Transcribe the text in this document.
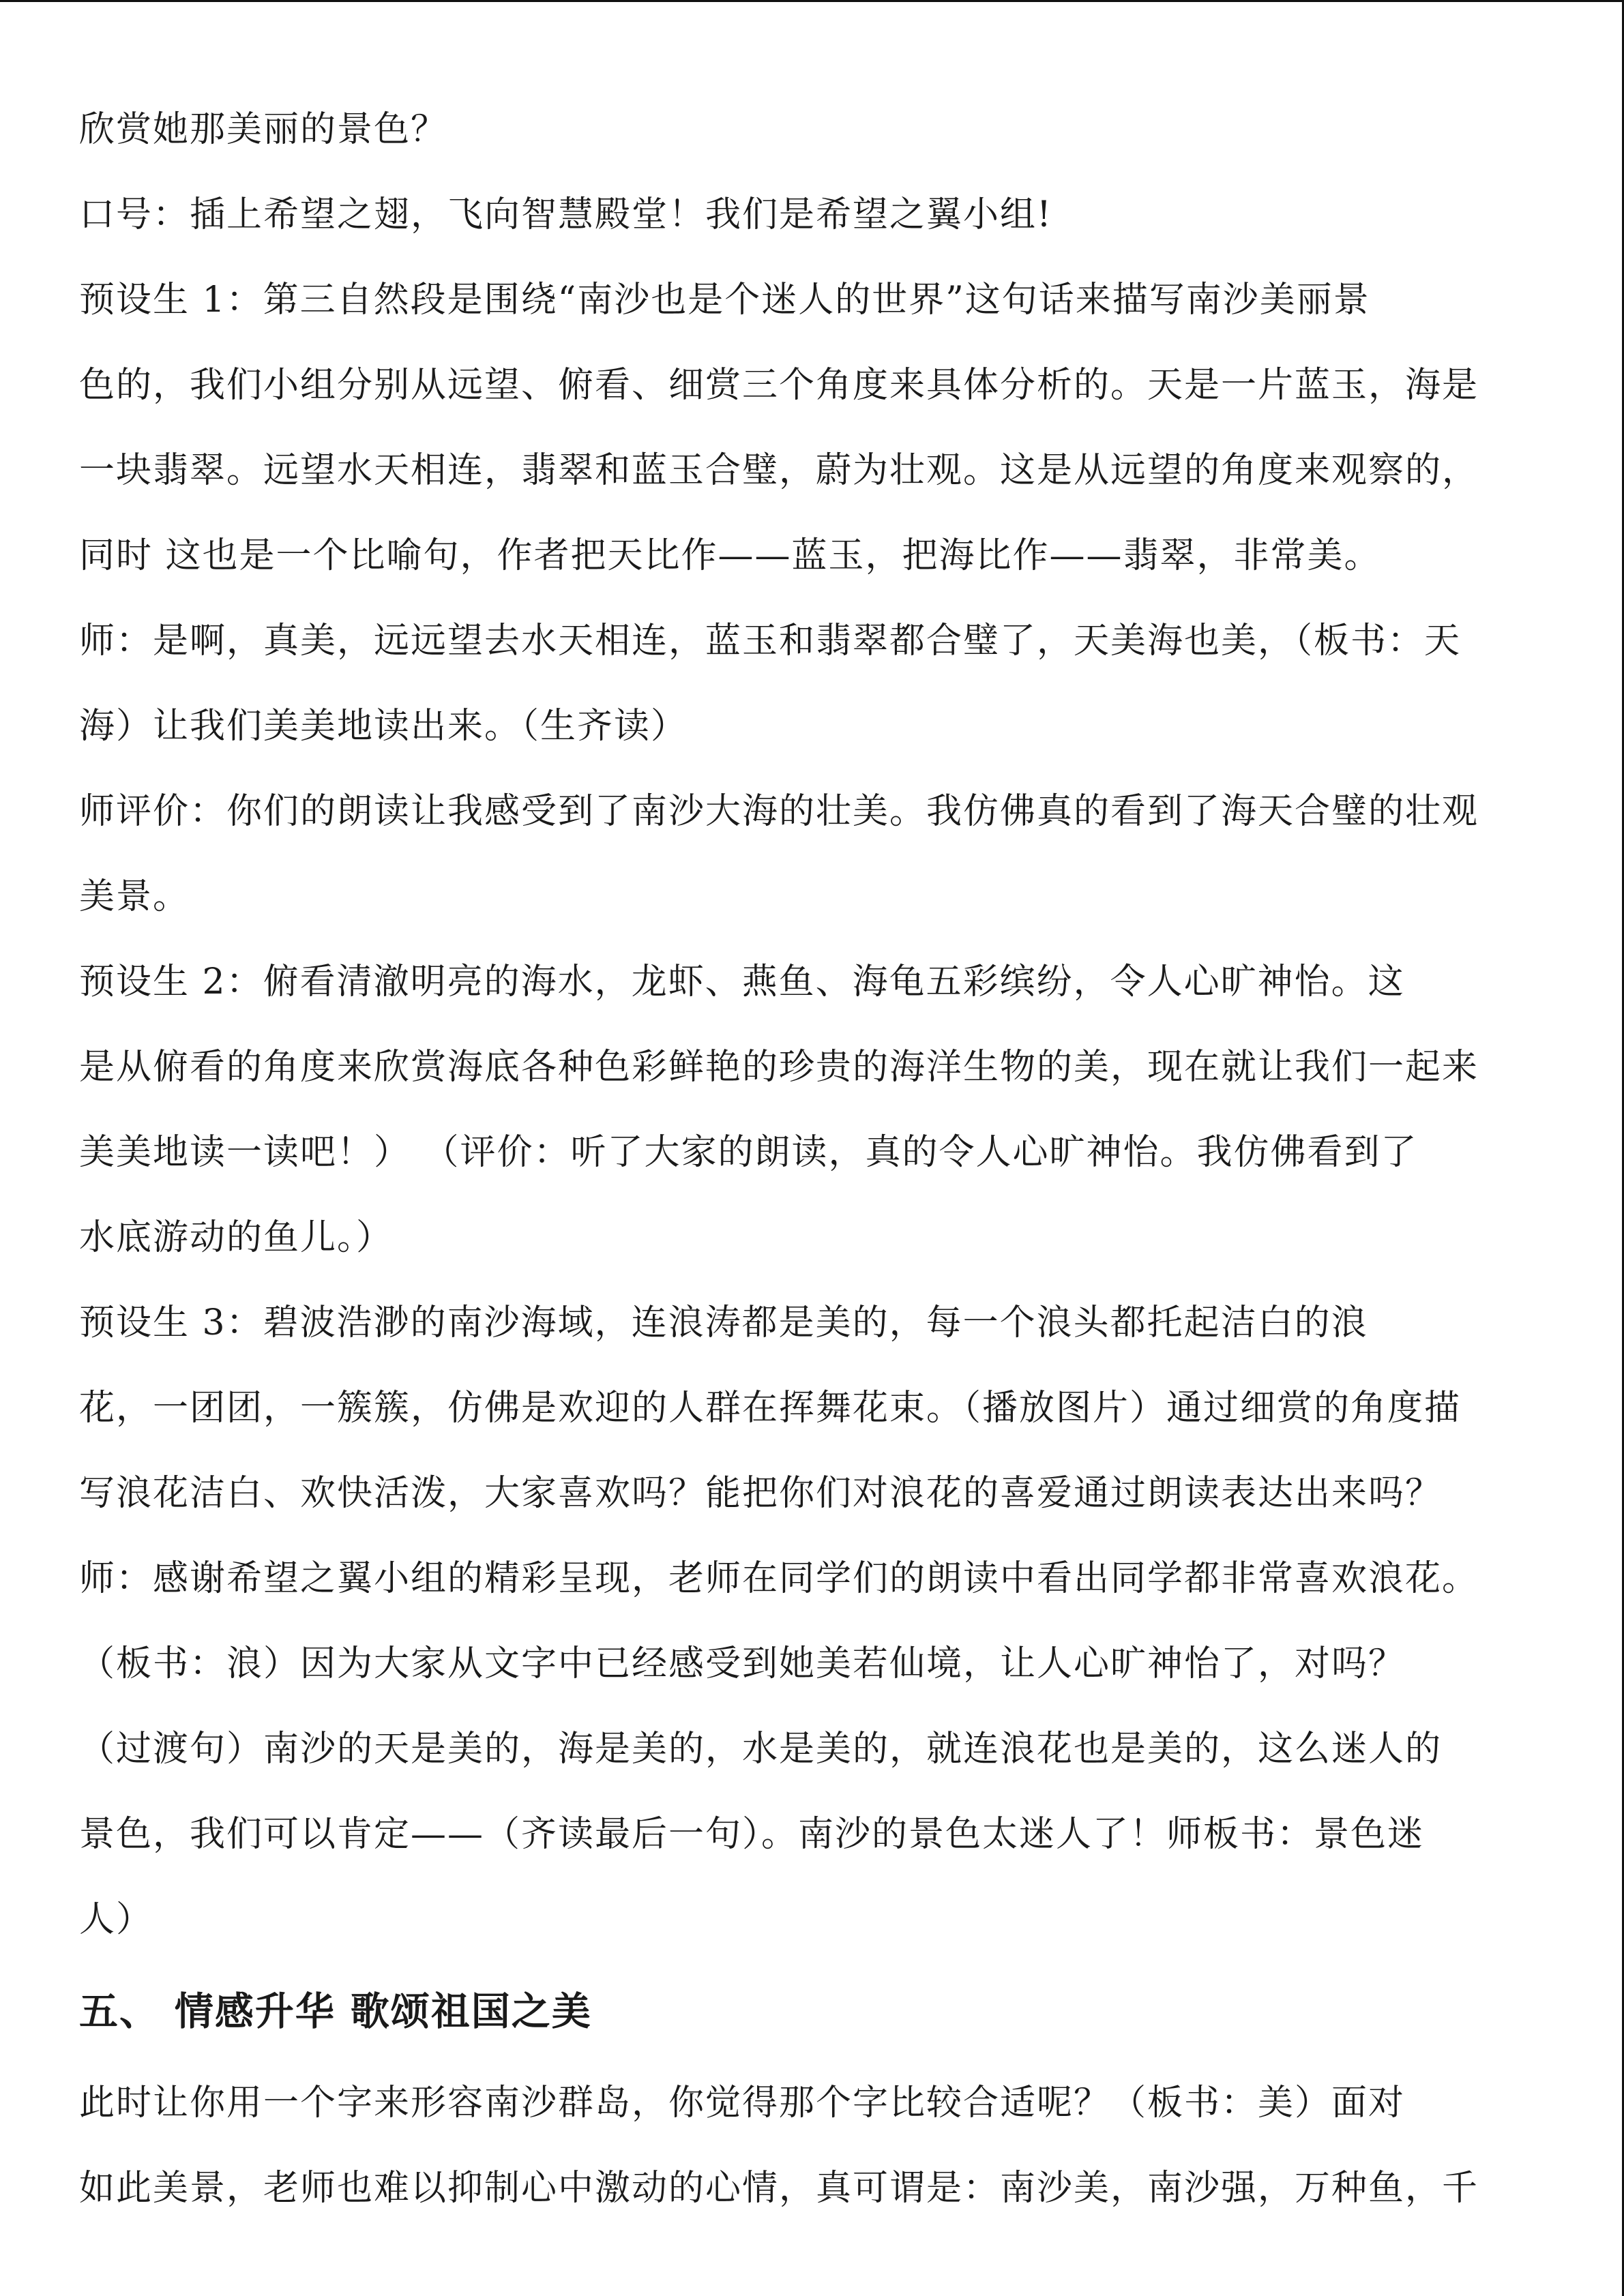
欣赏她那美丽的景色？
口号：插上希望之翅，飞向智慧殿堂！我们是希望之翼小组!
预设生 1：第三自然段是围绕“南沙也是个迷人的世界”这句话来描写南沙美丽景
色的，我们小组分别从远望、俯看、细赏三个角度来具体分析的。天是一片蓝玉，海是
一块翡翠。远望水天相连，翡翠和蓝玉合璧，蔚为壮观。这是从远望的角度来观察的，
同时 这也是一个比喻句，作者把天比作——蓝玉，把海比作——翡翠，非常美。
师：是啊，真美，远远望去水天相连，蓝玉和翡翠都合璧了，天美海也美，（板书：天
海）让我们美美地读出来。（生齐读）
师评价：你们的朗读让我感受到了南沙大海的壮美。我仿佛真的看到了海天合璧的壮观
美景。
预设生 2：俯看清澈明亮的海水，龙虾、燕鱼、海龟五彩缤纷，令人心旷神怡。这
是从俯看的角度来欣赏海底各种色彩鲜艳的珍贵的海洋生物的美，现在就让我们一起来
美美地读一读吧！） （评价：听了大家的朗读，真的令人心旷神怡。我仿佛看到了
水底游动的鱼儿。）
预设生 3：碧波浩渺的南沙海域，连浪涛都是美的，每一个浪头都托起洁白的浪
花，一团团，一簇簇，仿佛是欢迎的人群在挥舞花束。（播放图片）通过细赏的角度描
写浪花洁白、欢快活泼，大家喜欢吗？能把你们对浪花的喜爱通过朗读表达出来吗？
师：感谢希望之翼小组的精彩呈现，老师在同学们的朗读中看出同学都非常喜欢浪花。
（板书：浪）因为大家从文字中已经感受到她美若仙境，让人心旷神怡了，对吗？
（过渡句）南沙的天是美的，海是美的，水是美的，就连浪花也是美的，这么迷人的
景色，我们可以肯定——（齐读最后一句）。南沙的景色太迷人了！师板书：景色迷
人）
五、 情感升华 歌颂祖国之美
此时让你用一个字来形容南沙群岛，你觉得那个字比较合适呢？（板书：美）面对
如此美景，老师也难以抑制心中激动的心情，真可谓是：南沙美，南沙强，万种鱼，千
